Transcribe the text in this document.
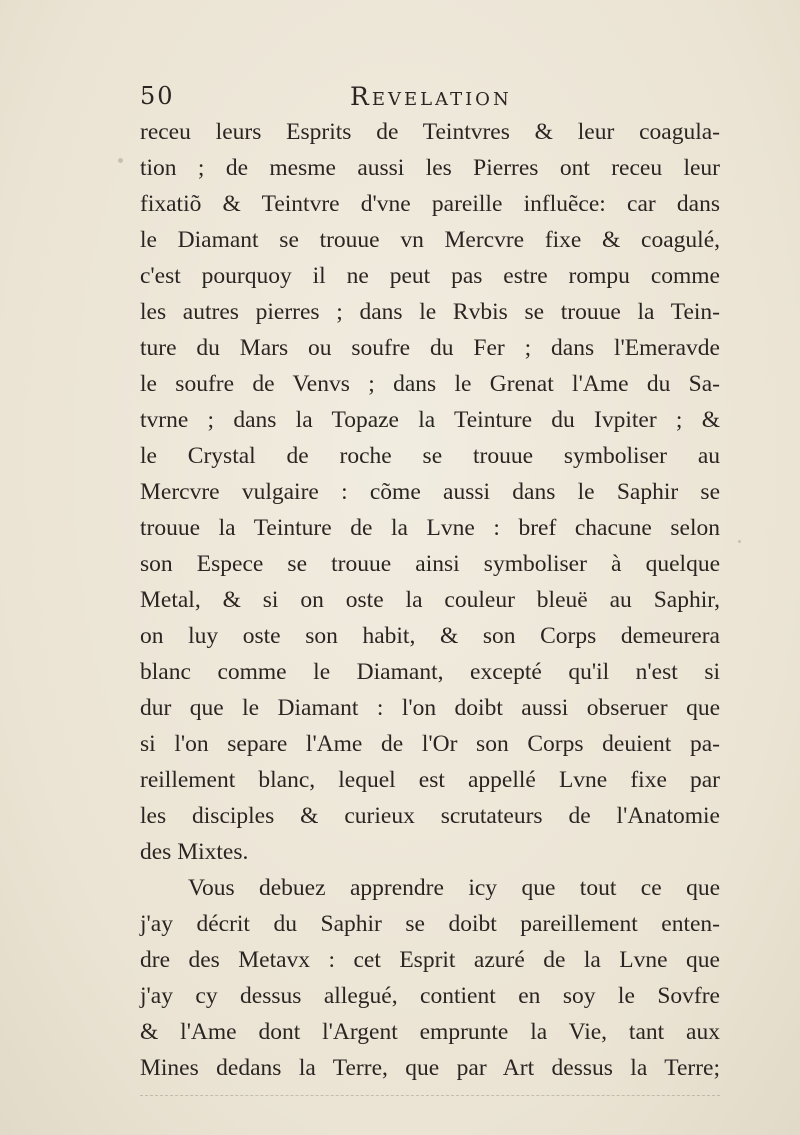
50	Revelation
receu leurs Esprits de Teintvres & leur coagula-
tion ; de mesme aussi les Pierres ont receu leur
fixatiõ & Teintvre d'vne pareille influẽce: car dans
le Diamant se trouue vn Mercvre fixe & coagulé,
c'est pourquoy il ne peut pas estre rompu comme
les autres pierres ; dans le Rvbis se trouue la Tein-
ture du Mars ou soufre du Fer ; dans l'Emeravde
le soufre de Venvs ; dans le Grenat l'Ame du Sa-
tvrne ; dans la Topaze la Teinture du Ivpiter ; &
le Crystal de roche se trouue symboliser au
Mercvre vulgaire : cõme aussi dans le Saphir se
trouue la Teinture de la Lvne : bref chacune selon
son Espece se trouue ainsi symboliser à quelque
Metal, & si on oste la couleur bleuë au Saphir,
on luy oste son habit, & son Corps demeurera
blanc comme le Diamant, excepté qu'il n'est si
dur que le Diamant : l'on doibt aussi obseruer que
si l'on separe l'Ame de l'Or son Corps deuient pa-
reillement blanc, lequel est appellé Lvne fixe par
les disciples & curieux scrutateurs de l'Anatomie
des Mixtes.
Vous debuez apprendre icy que tout ce que
j'ay décrit du Saphir se doibt pareillement enten-
dre des Metavx : cet Esprit azuré de la Lvne que
j'ay cy dessus allegué, contient en soy le Sovfre
& l'Ame dont l'Argent emprunte la Vie, tant aux
Mines dedans la Terre, que par Art dessus la Terre;
